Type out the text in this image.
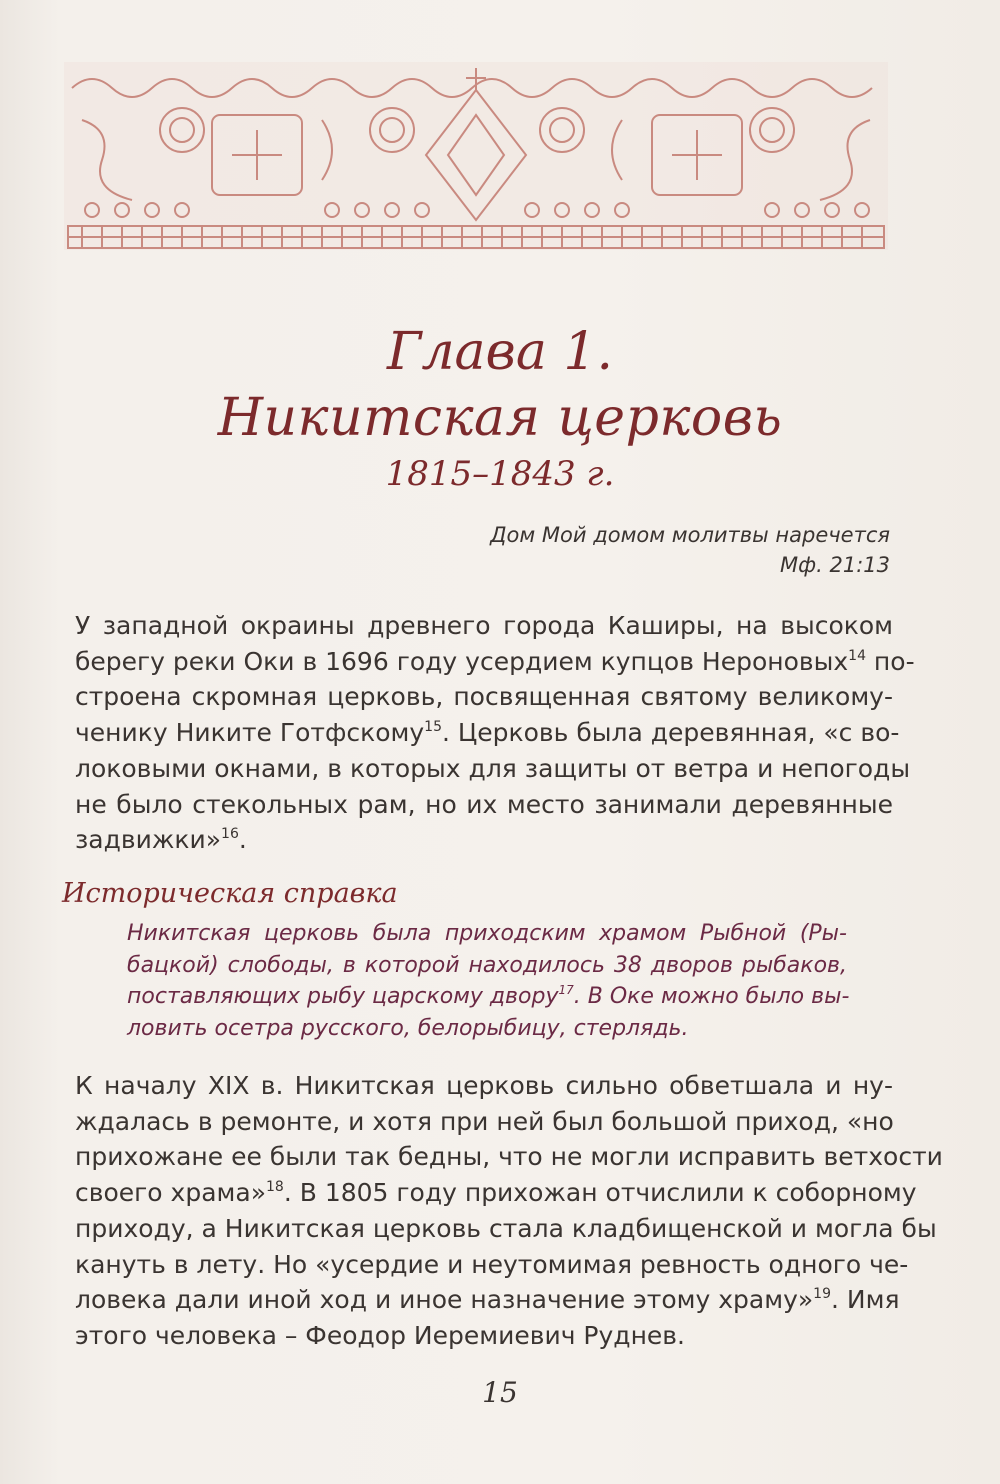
Глава 1.
Никитская церковь
1815–1843 г.
Дом Мой домом молитвы наречется
Мф. 21:13
У западной окраины древнего города Каширы, на высоком
берегу реки Оки в 1696 году усердием купцов Нероновых$^{14}$ по-
строена скромная церковь, посвященная святому великому-
ченику Никите Готфскому$^{15}$. Церковь была деревянная, «с во-
локовыми окнами, в которых для защиты от ветра и непогоды
не было стекольных рам, но их место занимали деревянные
задвижки»$^{16}$.
Историческая справка
Никитская церковь была приходским храмом Рыбной (Ры-
бацкой) слободы, в которой находилось 38 дворов рыбаков,
поставляющих рыбу царскому двору$^{17}$. В Оке можно было вы-
ловить осетра русского, белорыбицу, стерлядь.
К началу XIX в. Никитская церковь сильно обветшала и ну-
ждалась в ремонте, и хотя при ней был большой приход, «но
прихожане ее были так бедны, что не могли исправить ветхости
своего храма»$^{18}$. В 1805 году прихожан отчислили к соборному
приходу, а Никитская церковь стала кладбищенской и могла бы
кануть в лету. Но «усердие и неутомимая ревность одного че-
ловека дали иной ход и иное назначение этому храму»$^{19}$. Имя
этого человека – Феодор Иеремиевич Руднев.
15
